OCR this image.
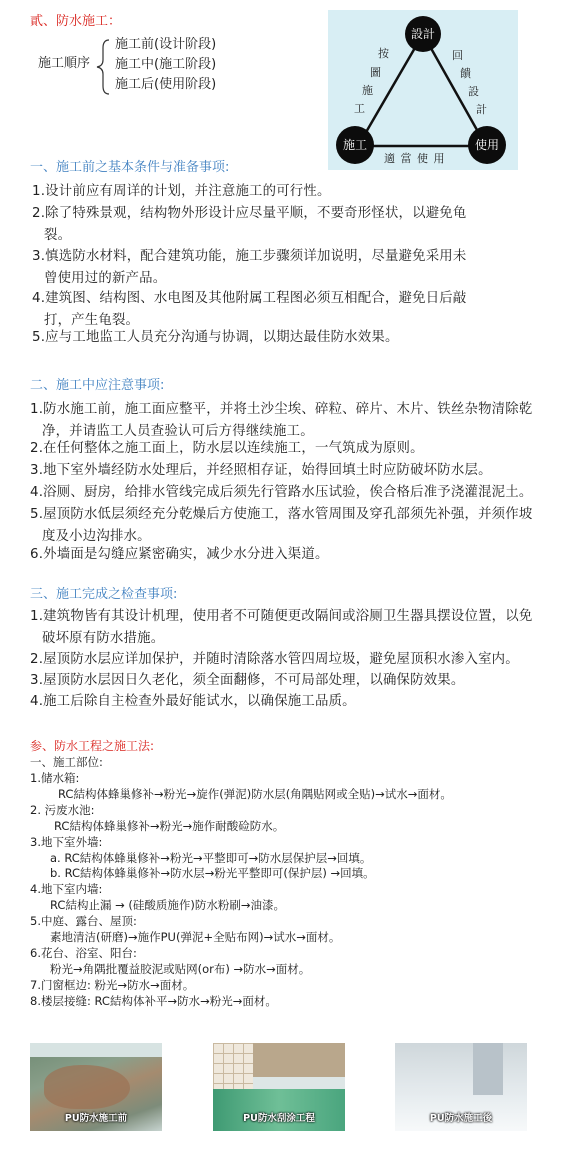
貳、防水施工：
施工順序
施工前(设计阶段)
施工中(施工阶段)
施工后(使用阶段)
設計
施工	使用
按
圖
施
工
回
饋
設
計
適 當 使 用
一、施工前之基本条件与准备事项:
1.设计前应有周详的计划，并注意施工的可行性。
2.除了特殊景观，结构物外形设计应尽量平顺，不要奇形怪状，以避免龟
裂。
3.慎选防水材料，配合建筑功能，施工步骤须详加说明，尽量避免采用未
曾使用过的新产品。
4.建筑图、结构图、水电图及其他附属工程图必须互相配合，避免日后敲
打，产生龟裂。
5.应与工地监工人员充分沟通与协调，以期达最佳防水效果。
二、施工中应注意事项:
1.防水施工前，施工面应整平，并将土沙尘埃、碎粒、碎片、木片、铁丝杂物清除乾
净，并请监工人员查验认可后方得继续施工。
2.在任何整体之施工面上，防水层以连续施工，一气筑成为原则。
3.地下室外墙经防水处理后，并经照相存证，始得回填土时应防破坏防水层。
4.浴厕、厨房，给排水管线完成后须先行管路水压试验，俟合格后准予浇灌混泥土。
5.屋顶防水低层须经充分乾燥后方使施工，落水管周围及穿孔部须先补强，并须作坡
度及小边沟排水。
6.外墙面是勾缝应紧密确实，减少水分进入渠道。
三、施工完成之检查事项:
1.建筑物皆有其设计机理，使用者不可随便更改隔间或浴厕卫生器具摆设位置，以免
破坏原有防水措施。
2.屋顶防水层应详加保护，并随时清除落水管四周垃圾，避免屋顶积水渗入室内。
3.屋顶防水层因日久老化，须全面翻修，不可局部处理，以确保防效果。
4.施工后除自主检查外最好能试水，以确保施工品质。
参、防水工程之施工法:
一、施工部位:
1.储水箱:
RC結构体蜂巢修补→粉光→旋作(弹泥)防水层(角隅贴网或全贴)→试水→面材。
2. 污废水池:
RC結构体蜂巢修补→粉光→施作耐酸硷防水。
3.地下室外墙:
a. RC結构体蜂巢修补→粉光→平整即可→防水层保护层→回填。
b. RC結构体蜂巢修补→防水层→粉光平整即可(保护层) →回填。
4.地下室内墙:
RC結构止漏 → (硅酸质施作)防水粉刷→油漆。
5.中庭、露台、屋顶:
素地清洁(研磨)→施作PU(弹泥+全贴布网)→试水→面材。
6.花台、浴室、阳台:
粉光→角隅批覆益胶泥或贴网(or布) →防水→面材。
7.门窗框边: 粉光→防水→面材。
8.楼层接缝: RC結构体补平→防水→粉光→面材。
PU防水施工前	PU防水刮涂工程	PU防水施工後
